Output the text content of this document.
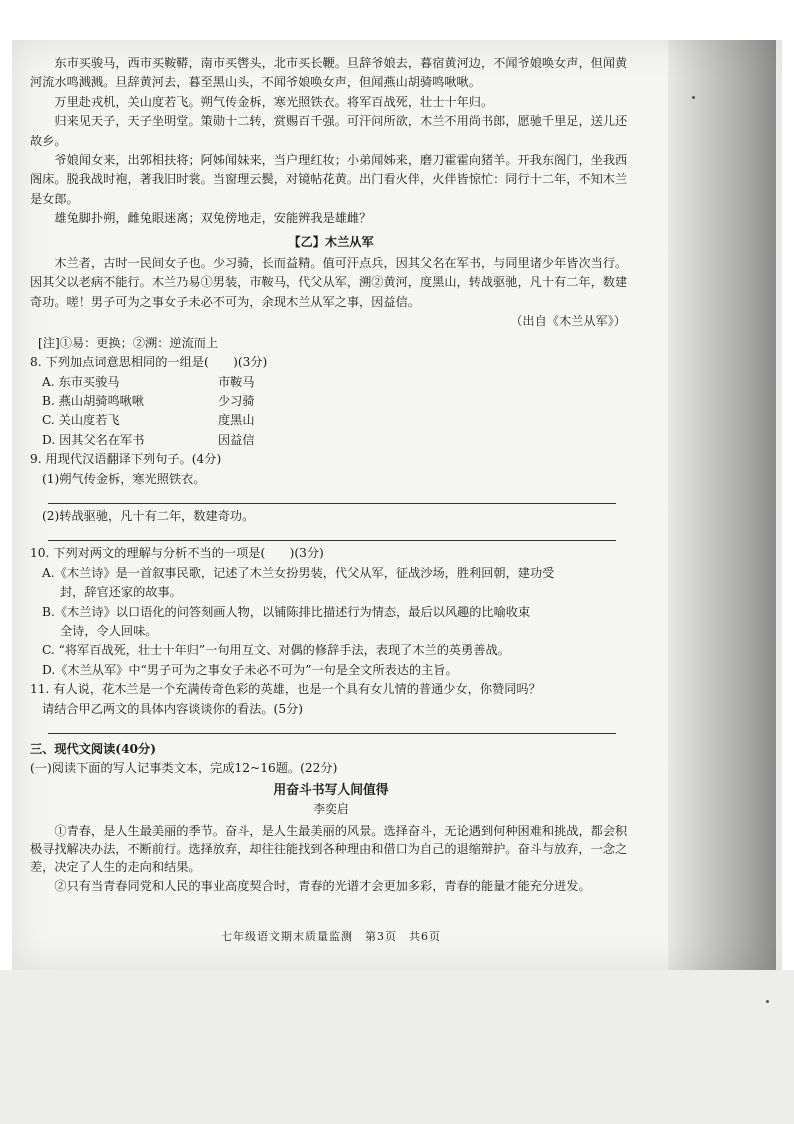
东市买骏马，西市买鞍鞯，南市买辔头，北市买长鞭。旦辞爷娘去，暮宿黄河边，不闻爷娘唤女声，但闻黄河流水鸣溅溅。旦辞黄河去，暮至黑山头，不闻爷娘唤女声，但闻燕山胡骑鸣啾啾。

万里赴戎机，关山度若飞。朔气传金柝，寒光照铁衣。将军百战死，壮士十年归。

归来见天子，天子坐明堂。策勋十二转，赏赐百千强。可汗问所欲，木兰不用尚书郎，愿驰千里足，送儿还故乡。

爷娘闻女来，出郭相扶将；阿姊闻妹来，当户理红妆；小弟闻姊来，磨刀霍霍向猪羊。开我东阁门，坐我西阁床。脱我战时袍，著我旧时裳。当窗理云鬓，对镜帖花黄。出门看火伴，火伴皆惊忙：同行十二年，不知木兰是女郎。

雄兔脚扑朔，雌兔眼迷离；双兔傍地走，安能辨我是雄雌？

【乙】木兰从军

木兰者，古时一民间女子也。少习骑，长而益精。值可汗点兵，因其父名在军书，与同里诸少年皆次当行。因其父以老病不能行。木兰乃易①男装，市鞍马，代父从军，溯②黄河，度黑山，转战驱驰，凡十有二年，数建奇功。嗟！男子可为之事女子未必不可为，余现木兰从军之事，因益信。

（出自《木兰从军》）

[注]①易：更换；②溯：逆流而上

8. 下列加点词意思相同的一组是(　　)(3分)

A. 东市买骏马	市鞍马
B. 燕山胡骑鸣啾啾	少习骑
C. 关山度若飞	度黑山
D. 因其父名在军书	因益信

9. 用现代汉语翻译下列句子。(4分)

(1)朔气传金柝，寒光照铁衣。

(2)转战驱驰，凡十有二年，数建奇功。

10. 下列对两文的理解与分析不当的一项是(　　)(3分)

A.《木兰诗》是一首叙事民歌，记述了木兰女扮男装，代父从军，征战沙场，胜利回朝，建功受
封，辞官还家的故事。

B.《木兰诗》以口语化的问答刻画人物，以铺陈排比描述行为情态，最后以风趣的比喻收束
全诗，令人回味。

C. “将军百战死，壮士十年归”一句用互文、对偶的修辞手法，表现了木兰的英勇善战。

D.《木兰从军》中“男子可为之事女子未必不可为”一句是全文所表达的主旨。

11. 有人说，花木兰是一个充满传奇色彩的英雄，也是一个具有女儿情的普通少女，你赞同吗？

请结合甲乙两文的具体内容谈谈你的看法。(5分)

三、现代文阅读(40分)

(一)阅读下面的写人记事类文本，完成12~16题。(22分)

用奋斗书写人间值得

李奕启

①青春，是人生最美丽的季节。奋斗，是人生最美丽的风景。选择奋斗，无论遇到何种困难和挑战，都会积极寻找解决办法，不断前行。选择放弃，却往往能找到各种理由和借口为自己的退缩辩护。奋斗与放弃，一念之差，决定了人生的走向和结果。

②只有当青春同党和人民的事业高度契合时，青春的光谱才会更加多彩，青春的能量才能充分迸发。

七年级语文期末质量监测　第3页　共6页
